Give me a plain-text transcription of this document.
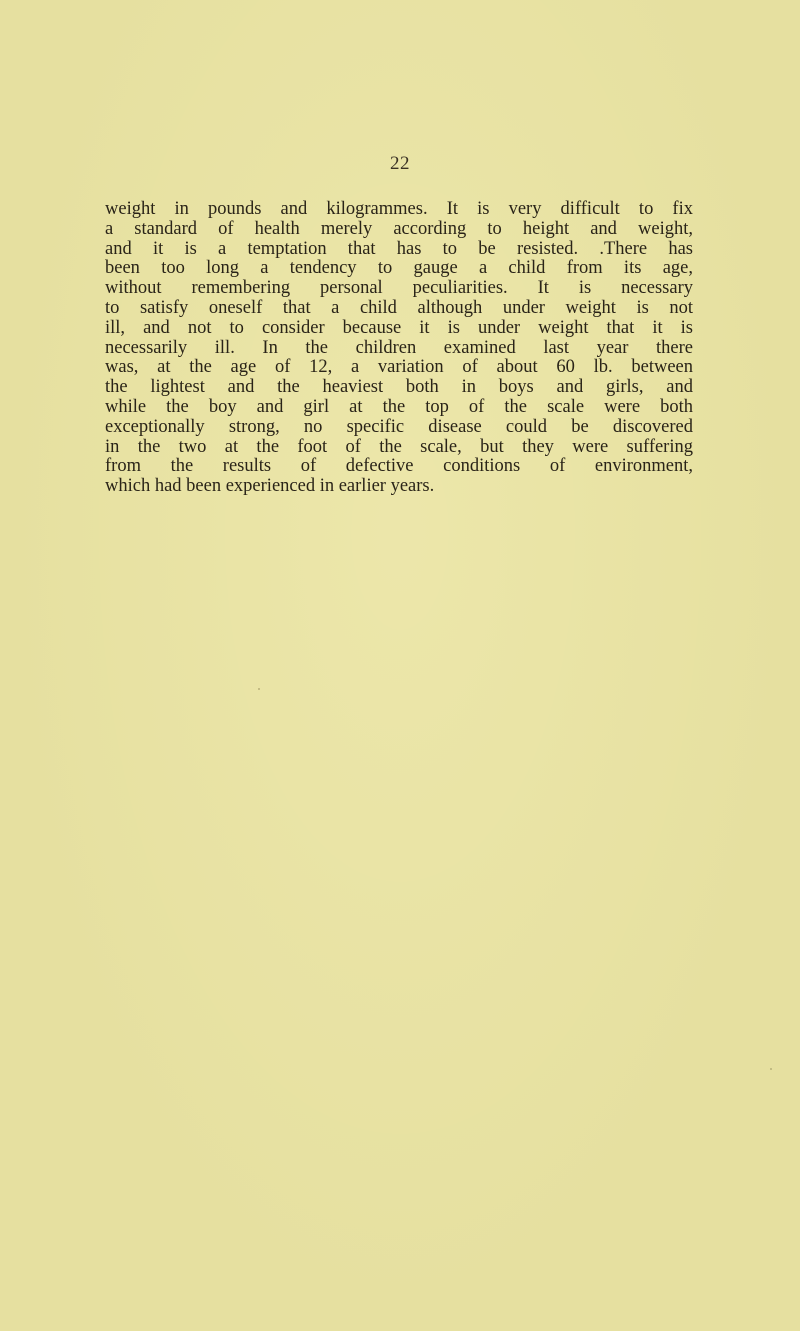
22
weight in pounds and kilogrammes. It is very difficult to fix
a standard of health merely according to height and weight,
and it is a temptation that has to be resisted. .There has
been too long a tendency to gauge a child from its age,
without remembering personal peculiarities. It is necessary
to satisfy oneself that a child although under weight is not
ill, and not to consider because it is under weight that it is
necessarily ill. In the children examined last year there
was, at the age of 12, a variation of about 60 lb. between
the lightest and the heaviest both in boys and girls, and
while the boy and girl at the top of the scale were both
exceptionally strong, no specific disease could be discovered
in the two at the foot of the scale, but they were suffering
from the results of defective conditions of environment,
which had been experienced in earlier years.
